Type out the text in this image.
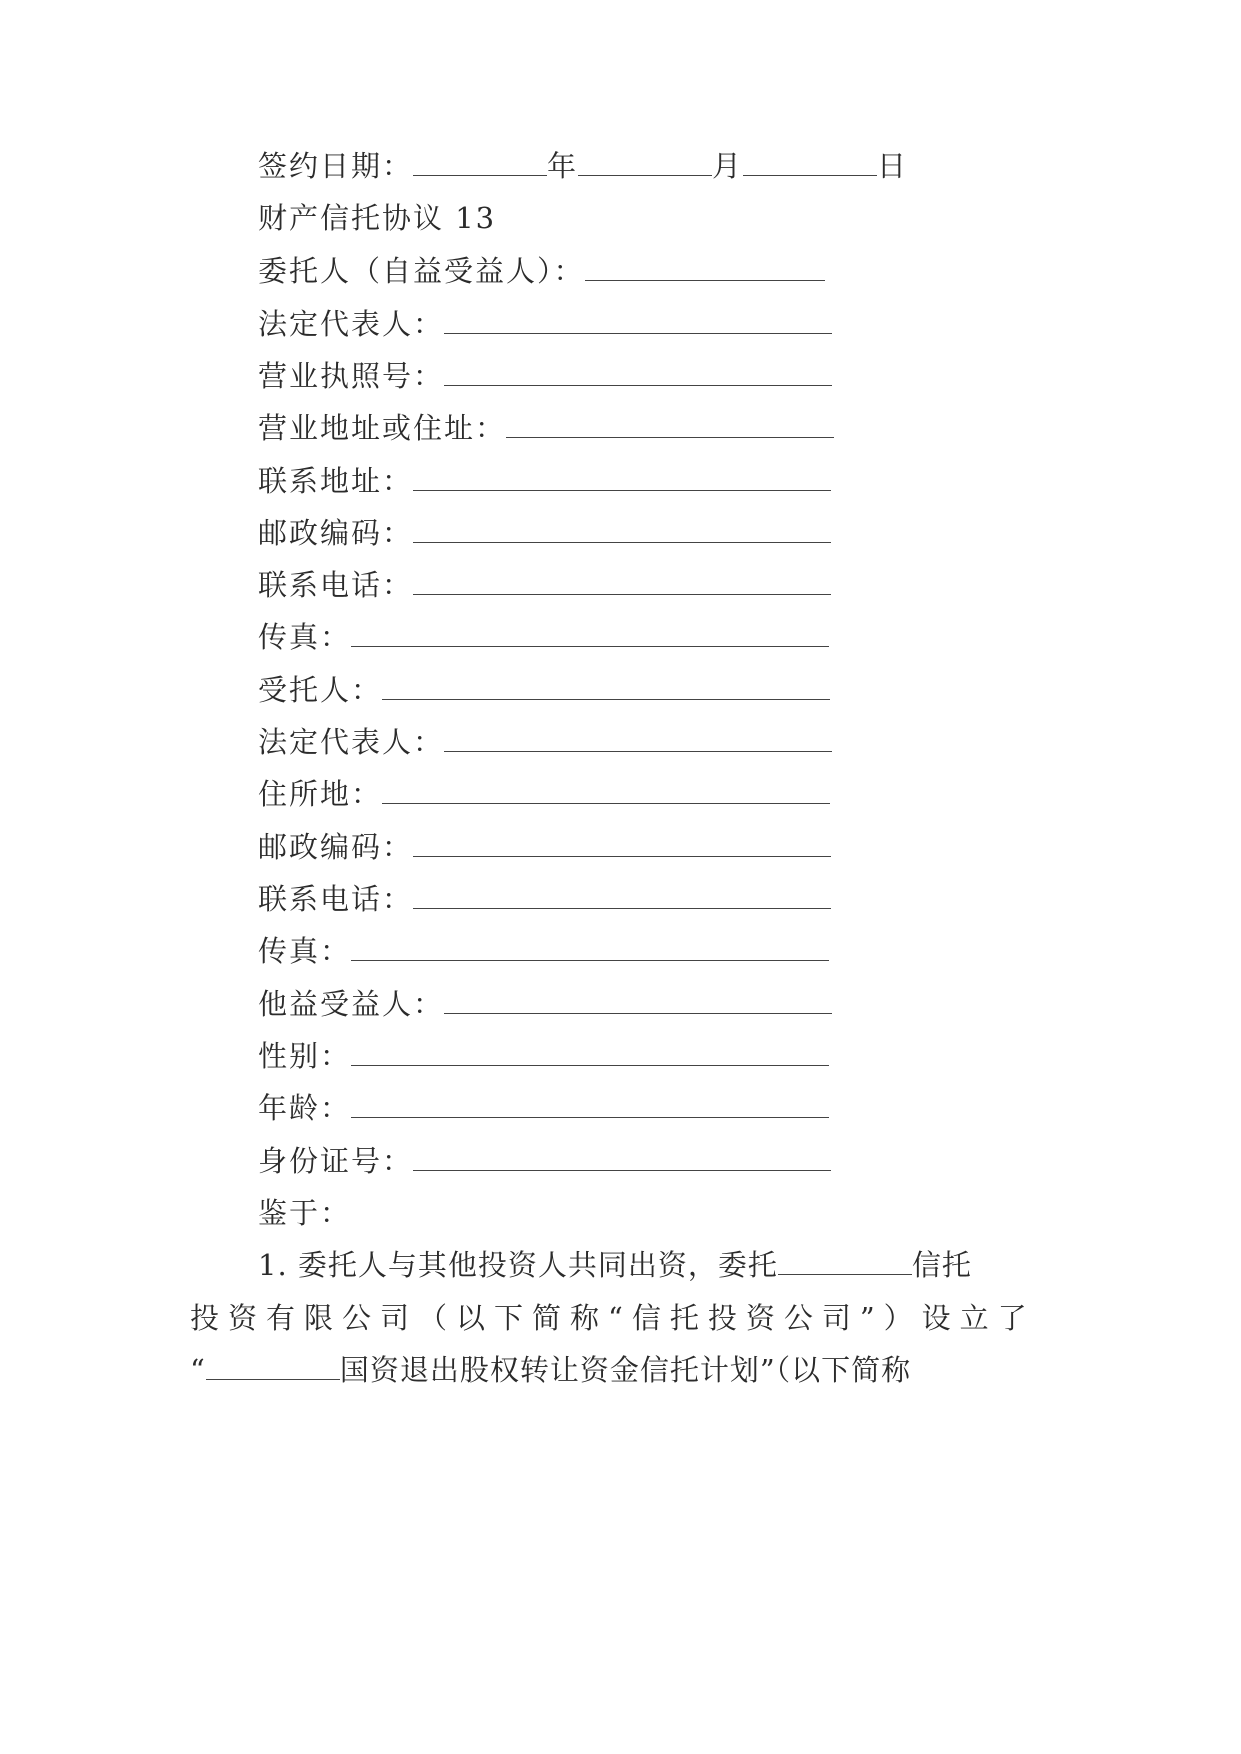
签约日期：	年	月	日
财产信托协议 13
委托人（自益受益人）：
法定代表人：
营业执照号：
营业地址或住址：
联系地址：
邮政编码：
联系电话：
传真：
受托人：
法定代表人：
住所地：
邮政编码：
联系电话：
传真：
他益受益人：
性别：
年龄：
身份证号：
鉴于：
1. 委托人与其他投资人共同出资，委托	信托
投资有限公司（以下简称“信托投资公司”）设立了
“	国资退出股权转让资金信托计划”（以下简称
